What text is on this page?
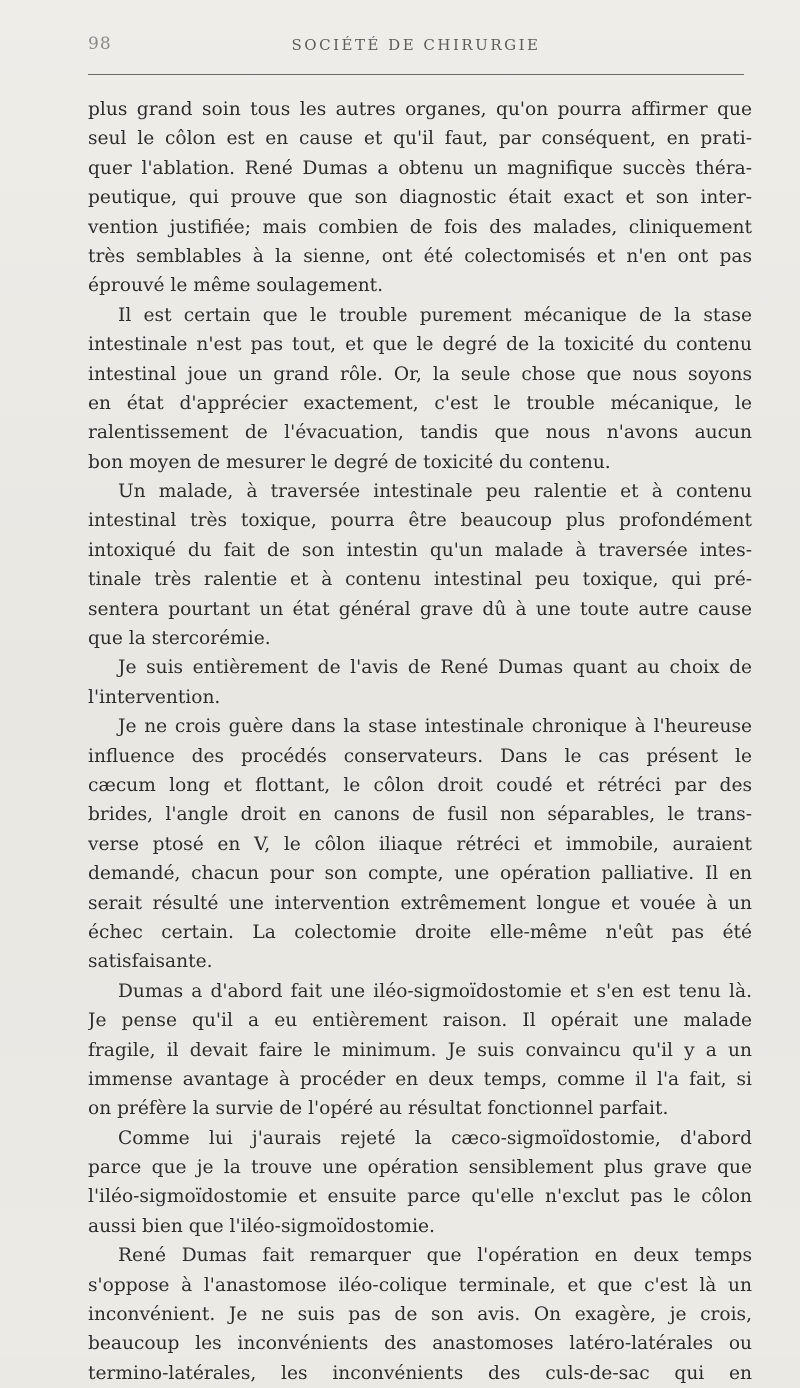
98	SOCIÉTÉ DE CHIRURGIE
plus grand soin tous les autres organes, qu'on pourra affirmer que
seul le côlon est en cause et qu'il faut, par conséquent, en prati-
quer l'ablation. René Dumas a obtenu un magnifique succès théra-
peutique, qui prouve que son diagnostic était exact et son inter-
vention justifiée; mais combien de fois des malades, cliniquement
très semblables à la sienne, ont été colectomisés et n'en ont pas
éprouvé le même soulagement.
Il est certain que le trouble purement mécanique de la stase
intestinale n'est pas tout, et que le degré de la toxicité du contenu
intestinal joue un grand rôle. Or, la seule chose que nous soyons
en état d'apprécier exactement, c'est le trouble mécanique, le
ralentissement de l'évacuation, tandis que nous n'avons aucun
bon moyen de mesurer le degré de toxicité du contenu.
Un malade, à traversée intestinale peu ralentie et à contenu
intestinal très toxique, pourra être beaucoup plus profondément
intoxiqué du fait de son intestin qu'un malade à traversée intes-
tinale très ralentie et à contenu intestinal peu toxique, qui pré-
sentera pourtant un état général grave dû à une toute autre cause
que la stercorémie.
Je suis entièrement de l'avis de René Dumas quant au choix de
l'intervention.
Je ne crois guère dans la stase intestinale chronique à l'heureuse
influence des procédés conservateurs. Dans le cas présent le
cæcum long et flottant, le côlon droit coudé et rétréci par des
brides, l'angle droit en canons de fusil non séparables, le trans-
verse ptosé en V, le côlon iliaque rétréci et immobile, auraient
demandé, chacun pour son compte, une opération palliative. Il en
serait résulté une intervention extrêmement longue et vouée à un
échec certain. La colectomie droite elle-même n'eût pas été
satisfaisante.
Dumas a d'abord fait une iléo-sigmoïdostomie et s'en est tenu là.
Je pense qu'il a eu entièrement raison. Il opérait une malade
fragile, il devait faire le minimum. Je suis convaincu qu'il y a un
immense avantage à procéder en deux temps, comme il l'a fait, si
on préfère la survie de l'opéré au résultat fonctionnel parfait.
Comme lui j'aurais rejeté la cæco-sigmoïdostomie, d'abord
parce que je la trouve une opération sensiblement plus grave que
l'iléo-sigmoïdostomie et ensuite parce qu'elle n'exclut pas le côlon
aussi bien que l'iléo-sigmoïdostomie.
René Dumas fait remarquer que l'opération en deux temps
s'oppose à l'anastomose iléo-colique terminale, et que c'est là un
inconvénient. Je ne suis pas de son avis. On exagère, je crois,
beaucoup les inconvénients des anastomoses latéro-latérales ou
termino-latérales, les inconvénients des culs-de-sac qui en
